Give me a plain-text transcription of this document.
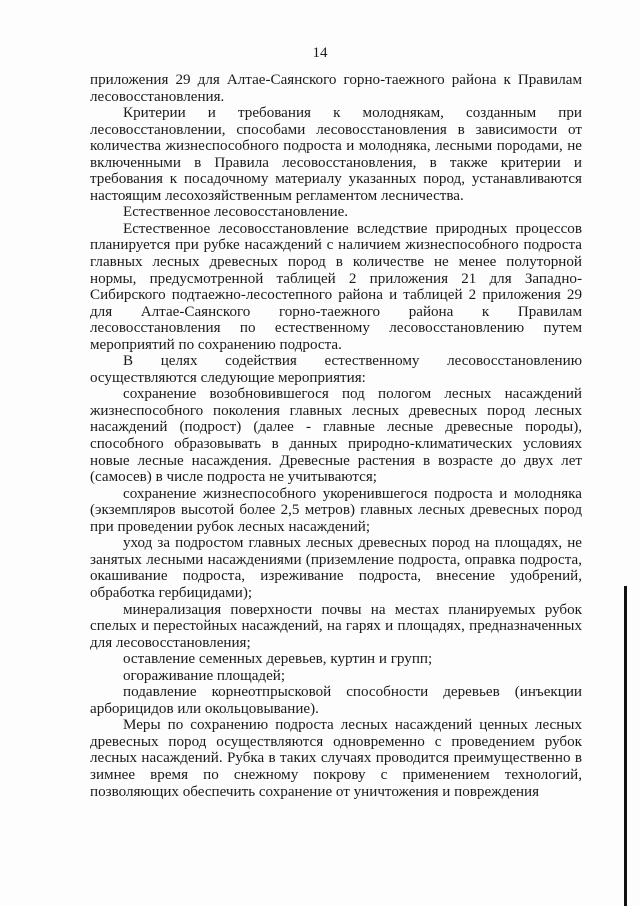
14

приложения 29 для Алтае-Саянского горно-таежного района к Правилам лесовосстановления.

Критерии и требования к молоднякам, созданным при лесовосстановлении, способами лесовосстановления в зависимости от количества жизнеспособного подроста и молодняка, лесными породами, не включенными в Правила лесовосстановления, в также критерии и требования к посадочному материалу указанных пород, устанавливаются настоящим лесохозяйственным регламентом лесничества.

Естественное лесовосстановление.

Естественное лесовосстановление вследствие природных процессов планируется при рубке насаждений с наличием жизнеспособного подроста главных лесных древесных пород в количестве не менее полуторной нормы, предусмотренной таблицей 2 приложения 21 для Западно-Сибирского подтаежно-лесостепного района и таблицей 2 приложения 29 для Алтае-Саянского горно-таежного района к Правилам лесовосстановления по естественному лесовосстановлению путем мероприятий по сохранению подроста.

В целях содействия естественному лесовосстановлению осуществляются следующие мероприятия:

сохранение возобновившегося под пологом лесных насаждений жизнеспособного поколения главных лесных древесных пород лесных насаждений (подрост) (далее - главные лесные древесные породы), способного образовывать в данных природно-климатических условиях новые лесные насаждения. Древесные растения в возрасте до двух лет (самосев) в числе подроста не учитываются;

сохранение жизнеспособного укоренившегося подроста и молодняка (экземпляров высотой более 2,5 метров) главных лесных древесных пород при проведении рубок лесных насаждений;

уход за подростом главных лесных древесных пород на площадях, не занятых лесными насаждениями (приземление подроста, оправка подроста, окашивание подроста, изреживание подроста, внесение удобрений, обработка гербицидами);

минерализация поверхности почвы на местах планируемых рубок спелых и перестойных насаждений, на гарях и площадях, предназначенных для лесовосстановления;

оставление семенных деревьев, куртин и групп;

огораживание площадей;

подавление корнеотпрысковой способности деревьев (инъекции арборицидов или окольцовывание).

Меры по сохранению подроста лесных насаждений ценных лесных древесных пород осуществляются одновременно с проведением рубок лесных насаждений. Рубка в таких случаях проводится преимущественно в зимнее время по снежному покрову с применением технологий, позволяющих обеспечить сохранение от уничтожения и повреждения
